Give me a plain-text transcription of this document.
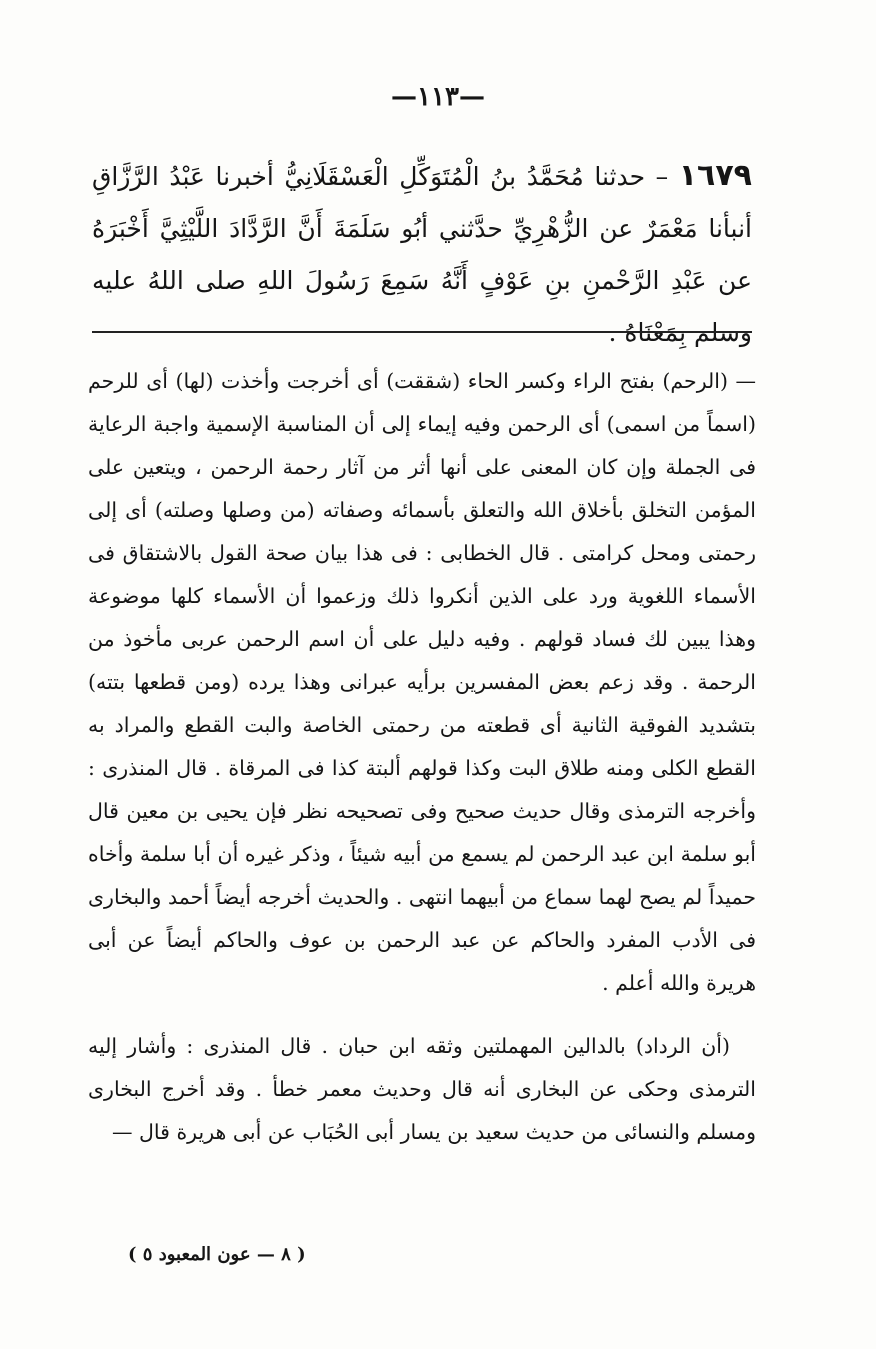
—١١٣—
١٦٧٩ – حدثنا مُحَمَّدُ بنُ الْمُتَوَكِّلِ الْعَسْقَلَانِيُّ أخبرنا عَبْدُ الرَّزَّاقِ أنبأنا مَعْمَرٌ عن الزُّهْرِيِّ حدَّثني أبُو سَلَمَةَ أَنَّ الرَّدَّادَ اللَّيْثِيَّ أَخْبَرَهُ عن عَبْدِ الرَّحْمنِ بنِ عَوْفٍ أَنَّهُ سَمِعَ رَسُولَ اللهِ صلى اللهُ عليه وسلم بِمَعْنَاهُ .

— (الرحم) بفتح الراء وكسر الحاء (شققت) أى أخرجت وأخذت (لها) أى للرحم (اسماً من اسمى) أى الرحمن وفيه إيماء إلى أن المناسبة الإسمية واجبة الرعاية فى الجملة وإن كان المعنى على أنها أثر من آثار رحمة الرحمن ، ويتعين على المؤمن التخلق بأخلاق الله والتعلق بأسمائه وصفاته (من وصلها وصلته) أى إلى رحمتى ومحل كرامتى . قال الخطابى : فى هذا بيان صحة القول بالاشتقاق فى الأسماء اللغوية ورد على الذين أنكروا ذلك وزعموا أن الأسماء كلها موضوعة وهذا يبين لك فساد قولهم . وفيه دليل على أن اسم الرحمن عربى مأخوذ من الرحمة . وقد زعم بعض المفسرين برأيه عبرانى وهذا يرده (ومن قطعها بتته) بتشديد الفوقية الثانية أى قطعته من رحمتى الخاصة والبت القطع والمراد به القطع الكلى ومنه طلاق البت وكذا قولهم ألبتة كذا فى المرقاة . قال المنذرى : وأخرجه الترمذى وقال حديث صحيح وفى تصحيحه نظر فإن يحيى بن معين قال أبو سلمة ابن عبد الرحمن لم يسمع من أبيه شيئاً ، وذكر غيره أن أبا سلمة وأخاه حميداً لم يصح لهما سماع من أبيهما انتهى . والحديث أخرجه أيضاً أحمد والبخارى فى الأدب المفرد والحاكم عن عبد الرحمن بن عوف والحاكم أيضاً عن أبى هريرة والله أعلم .

(أن الرداد) بالدالين المهملتين وثقه ابن حبان . قال المنذرى : وأشار إليه الترمذى وحكى عن البخارى أنه قال وحديث معمر خطأ . وقد أخرج البخارى ومسلم والنسائى من حديث سعيد بن يسار أبى الحُبَاب عن أبى هريرة قال —

( ٨ — عون المعبود ٥ )
